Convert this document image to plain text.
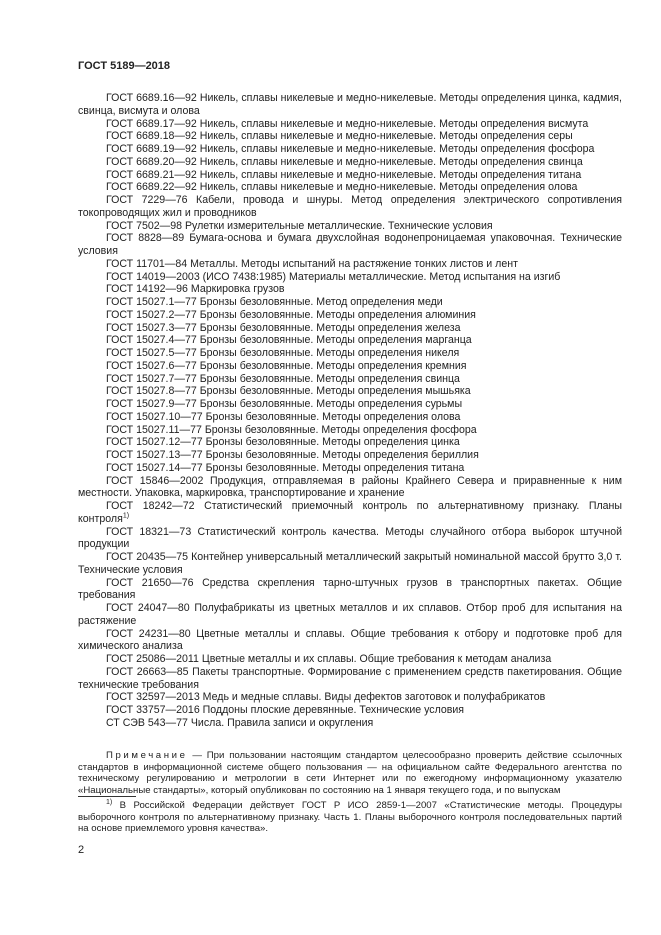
ГОСТ 5189—2018

ГОСТ 6689.16—92 Никель, сплавы никелевые и медно-никелевые. Методы определения цинка, кадмия, свинца, висмута и олова

ГОСТ 6689.17—92 Никель, сплавы никелевые и медно-никелевые. Методы определения висмута

ГОСТ 6689.18—92 Никель, сплавы никелевые и медно-никелевые. Методы определения серы

ГОСТ 6689.19—92 Никель, сплавы никелевые и медно-никелевые. Методы определения фосфора

ГОСТ 6689.20—92 Никель, сплавы никелевые и медно-никелевые. Методы определения свинца

ГОСТ 6689.21—92 Никель, сплавы никелевые и медно-никелевые. Методы определения титана

ГОСТ 6689.22—92 Никель, сплавы никелевые и медно-никелевые. Методы определения олова

ГОСТ 7229—76 Кабели, провода и шнуры. Метод определения электрического сопротивления токопроводящих жил и проводников

ГОСТ 7502—98 Рулетки измерительные металлические. Технические условия

ГОСТ 8828—89 Бумага-основа и бумага двухслойная водонепроницаемая упаковочная. Технические условия

ГОСТ 11701—84 Металлы. Методы испытаний на растяжение тонких листов и лент

ГОСТ 14019—2003 (ИСО 7438:1985) Материалы металлические. Метод испытания на изгиб

ГОСТ 14192—96 Маркировка грузов

ГОСТ 15027.1—77 Бронзы безоловянные. Метод определения меди

ГОСТ 15027.2—77 Бронзы безоловянные. Методы определения алюминия

ГОСТ 15027.3—77 Бронзы безоловянные. Методы определения железа

ГОСТ 15027.4—77 Бронзы безоловянные. Методы определения марганца

ГОСТ 15027.5—77 Бронзы безоловянные. Методы определения никеля

ГОСТ 15027.6—77 Бронзы безоловянные. Методы определения кремния

ГОСТ 15027.7—77 Бронзы безоловянные. Методы определения свинца

ГОСТ 15027.8—77 Бронзы безоловянные. Методы определения мышьяка

ГОСТ 15027.9—77 Бронзы безоловянные. Методы определения сурьмы

ГОСТ 15027.10—77 Бронзы безоловянные. Методы определения олова

ГОСТ 15027.11—77 Бронзы безоловянные. Методы определения фосфора

ГОСТ 15027.12—77 Бронзы безоловянные. Методы определения цинка

ГОСТ 15027.13—77 Бронзы безоловянные. Методы определения бериллия

ГОСТ 15027.14—77 Бронзы безоловянные. Методы определения титана

ГОСТ 15846—2002 Продукция, отправляемая в районы Крайнего Севера и приравненные к ним местности. Упаковка, маркировка, транспортирование и хранение

ГОСТ 18242—72 Статистический приемочный контроль по альтернативному признаку. Планы контроля$^{1)}$

ГОСТ 18321—73 Статистический контроль качества. Методы случайного отбора выборок штучной продукции

ГОСТ 20435—75 Контейнер универсальный металлический закрытый номинальной массой брутто 3,0 т. Технические условия

ГОСТ 21650—76 Средства скрепления тарно-штучных грузов в транспортных пакетах. Общие требования

ГОСТ 24047—80 Полуфабрикаты из цветных металлов и их сплавов. Отбор проб для испытания на растяжение

ГОСТ 24231—80 Цветные металлы и сплавы. Общие требования к отбору и подготовке проб для химического анализа

ГОСТ 25086—2011 Цветные металлы и их сплавы. Общие требования к методам анализа

ГОСТ 26663—85 Пакеты транспортные. Формирование с применением средств пакетирования. Общие технические требования

ГОСТ 32597—2013 Медь и медные сплавы. Виды дефектов заготовок и полуфабрикатов

ГОСТ 33757—2016 Поддоны плоские деревянные. Технические условия

СТ СЭВ 543—77 Числа. Правила записи и округления

Примечание — При пользовании настоящим стандартом целесообразно проверить действие ссылочных стандартов в информационной системе общего пользования — на официальном сайте Федерального агентства по техническому регулированию и метрологии в сети Интернет или по ежегодному информационному указателю «Национальные стандарты», который опубликован по состоянию на 1 января текущего года, и по выпускам
$^{1)}$ В Российской Федерации действует ГОСТ Р ИСО 2859-1—2007 «Статистические методы. Процедуры выборочного контроля по альтернативному признаку. Часть 1. Планы выборочного контроля последовательных партий на основе приемлемого уровня качества».
2
